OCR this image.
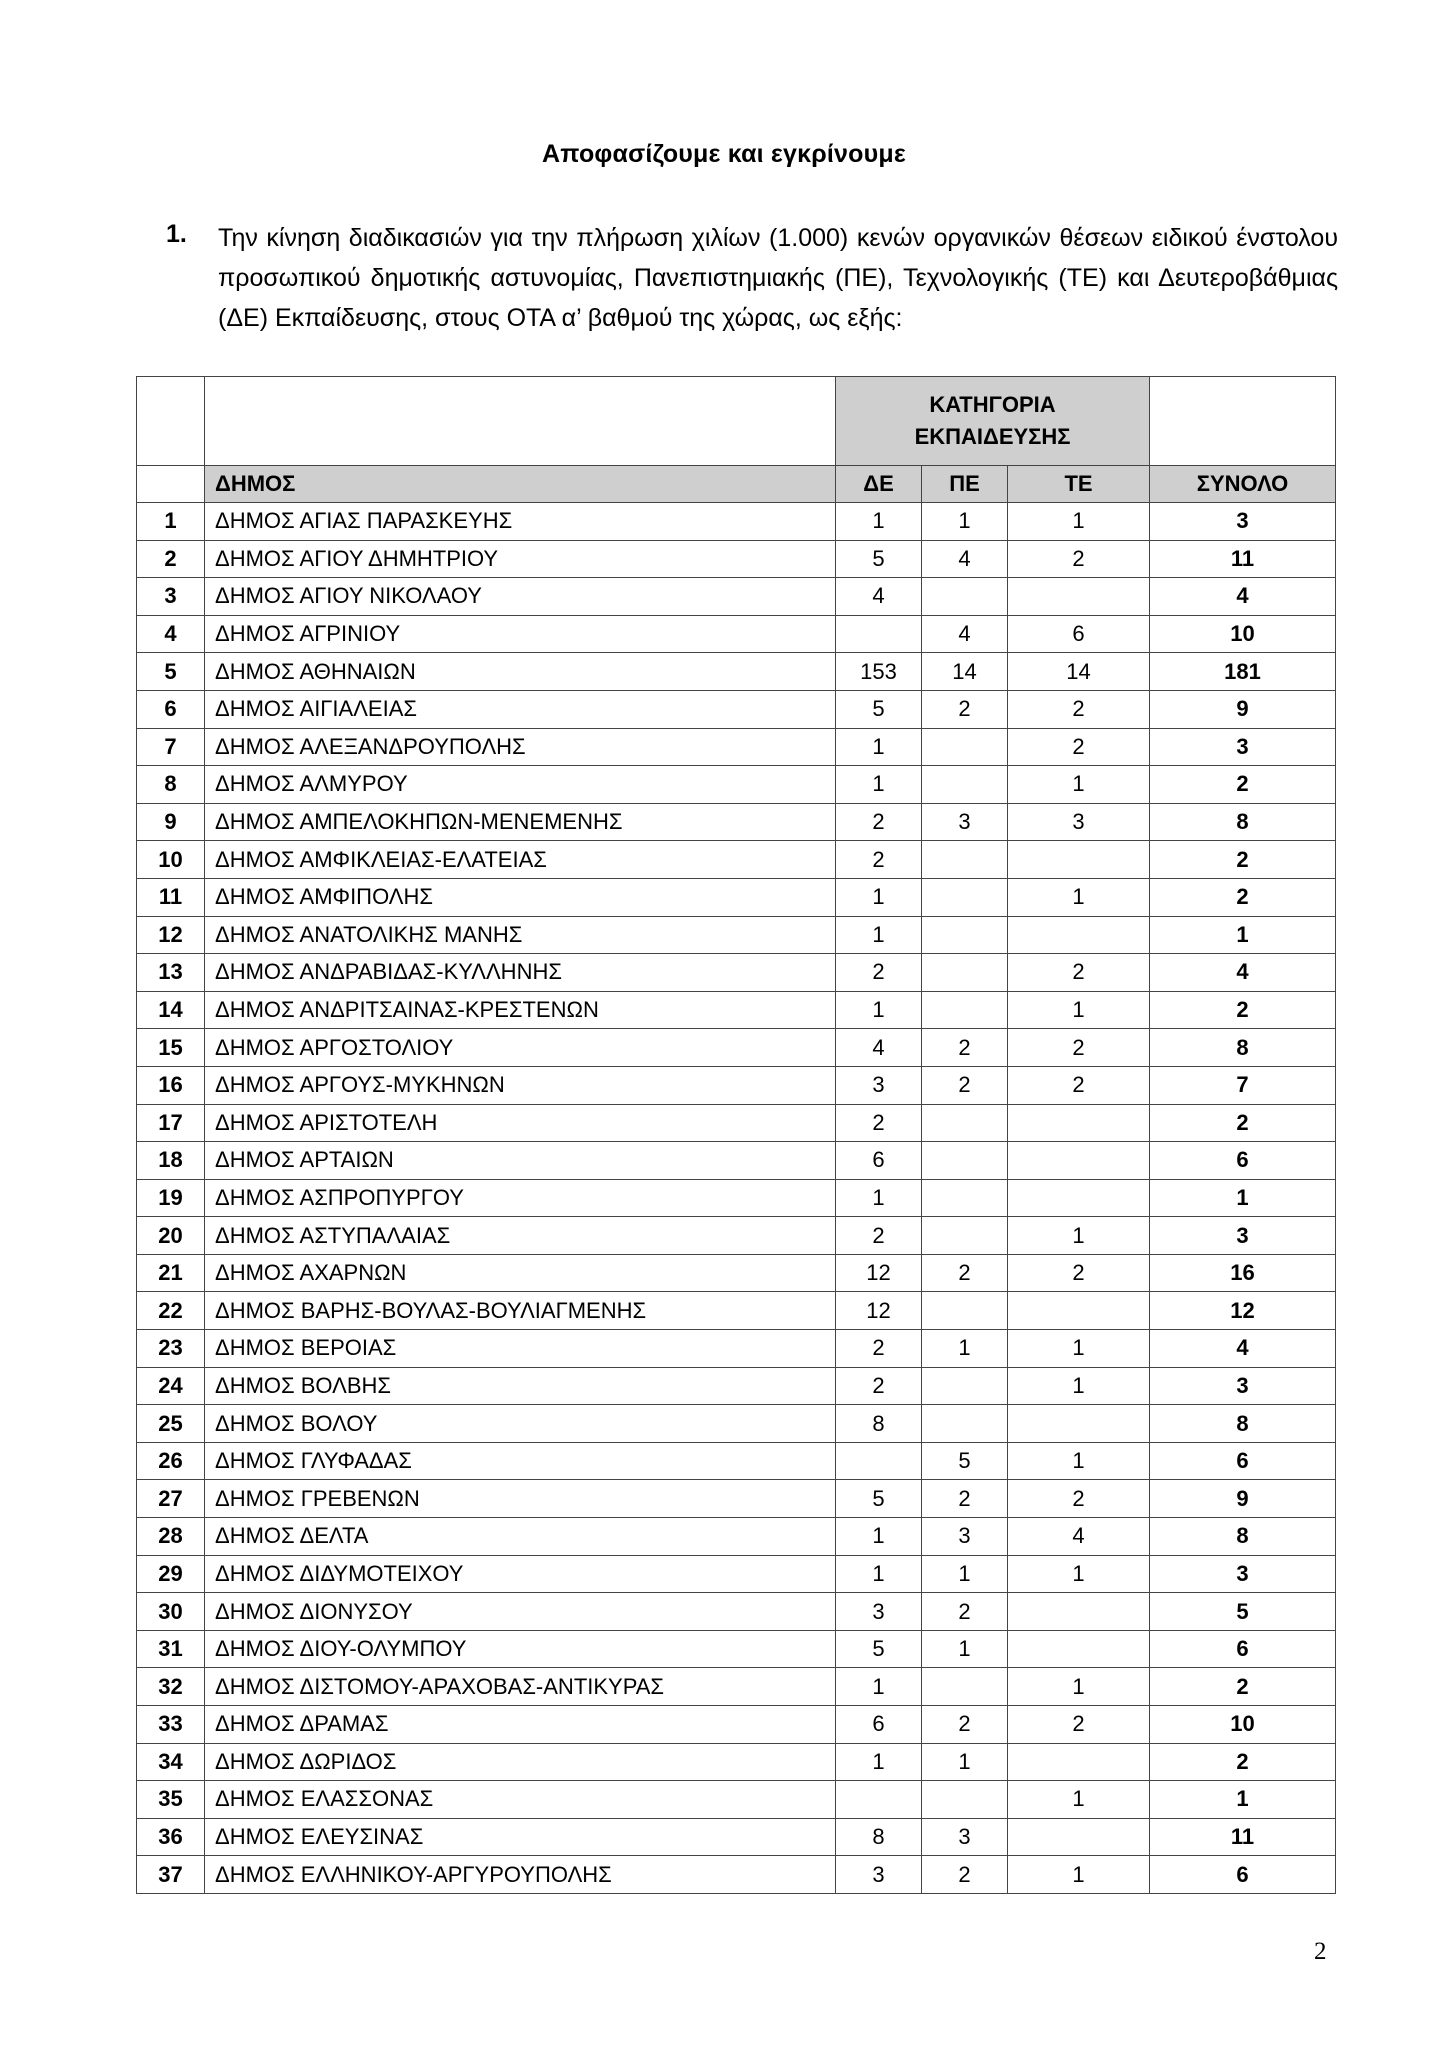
Αποφασίζουμε και εγκρίνουμε
1. Την κίνηση διαδικασιών για την πλήρωση χιλίων (1.000) κενών οργανικών θέσεων ειδικού ένστολου προσωπικού δημοτικής αστυνομίας, Πανεπιστημιακής (ΠΕ), Τεχνολογικής (ΤΕ) και Δευτεροβάθμιας (ΔΕ) Εκπαίδευσης, στους ΟΤΑ α’ βαθμού της χώρας, ως εξής:
		ΚΑΤΗΓΟΡΙΑ ΕΚΠΑΙΔΕΥΣΗΣ			
	ΔΗΜΟΣ	ΔΕ	ΠΕ	ΤΕ	ΣΥΝΟΛΟ
1	ΔΗΜΟΣ ΑΓΙΑΣ ΠΑΡΑΣΚΕΥΗΣ	1	1	1	3
2	ΔΗΜΟΣ ΑΓΙΟΥ ΔΗΜΗΤΡΙΟΥ	5	4	2	11
3	ΔΗΜΟΣ ΑΓΙΟΥ ΝΙΚΟΛΑΟΥ	4			4
4	ΔΗΜΟΣ ΑΓΡΙΝΙΟΥ		4	6	10
5	ΔΗΜΟΣ ΑΘΗΝΑΙΩΝ	153	14	14	181
6	ΔΗΜΟΣ ΑΙΓΙΑΛΕΙΑΣ	5	2	2	9
7	ΔΗΜΟΣ ΑΛΕΞΑΝΔΡΟΥΠΟΛΗΣ	1		2	3
8	ΔΗΜΟΣ ΑΛΜΥΡΟΥ	1		1	2
9	ΔΗΜΟΣ ΑΜΠΕΛΟΚΗΠΩΝ-ΜΕΝΕΜΕΝΗΣ	2	3	3	8
10	ΔΗΜΟΣ ΑΜΦΙΚΛΕΙΑΣ-ΕΛΑΤΕΙΑΣ	2			2
11	ΔΗΜΟΣ ΑΜΦΙΠΟΛΗΣ	1		1	2
12	ΔΗΜΟΣ ΑΝΑΤΟΛΙΚΗΣ ΜΑΝΗΣ	1			1
13	ΔΗΜΟΣ ΑΝΔΡΑΒΙΔΑΣ-ΚΥΛΛΗΝΗΣ	2		2	4
14	ΔΗΜΟΣ ΑΝΔΡΙΤΣΑΙΝΑΣ-ΚΡΕΣΤΕΝΩΝ	1		1	2
15	ΔΗΜΟΣ ΑΡΓΟΣΤΟΛΙΟΥ	4	2	2	8
16	ΔΗΜΟΣ ΑΡΓΟΥΣ-ΜΥΚΗΝΩΝ	3	2	2	7
17	ΔΗΜΟΣ ΑΡΙΣΤΟΤΕΛΗ	2			2
18	ΔΗΜΟΣ ΑΡΤΑΙΩΝ	6			6
19	ΔΗΜΟΣ ΑΣΠΡΟΠΥΡΓΟΥ	1			1
20	ΔΗΜΟΣ ΑΣΤΥΠΑΛΑΙΑΣ	2		1	3
21	ΔΗΜΟΣ ΑΧΑΡΝΩΝ	12	2	2	16
22	ΔΗΜΟΣ ΒΑΡΗΣ-ΒΟΥΛΑΣ-ΒΟΥΛΙΑΓΜΕΝΗΣ	12			12
23	ΔΗΜΟΣ ΒΕΡΟΙΑΣ	2	1	1	4
24	ΔΗΜΟΣ ΒΟΛΒΗΣ	2		1	3
25	ΔΗΜΟΣ ΒΟΛΟΥ	8			8
26	ΔΗΜΟΣ ΓΛΥΦΑΔΑΣ		5	1	6
27	ΔΗΜΟΣ ΓΡΕΒΕΝΩΝ	5	2	2	9
28	ΔΗΜΟΣ ΔΕΛΤΑ	1	3	4	8
29	ΔΗΜΟΣ ΔΙΔΥΜΟΤΕΙΧΟΥ	1	1	1	3
30	ΔΗΜΟΣ ΔΙΟΝΥΣΟΥ	3	2		5
31	ΔΗΜΟΣ ΔΙΟΥ-ΟΛΥΜΠΟΥ	5	1		6
32	ΔΗΜΟΣ ΔΙΣΤΟΜΟΥ-ΑΡΑΧΟΒΑΣ-ΑΝΤΙΚΥΡΑΣ	1		1	2
33	ΔΗΜΟΣ ΔΡΑΜΑΣ	6	2	2	10
34	ΔΗΜΟΣ ΔΩΡΙΔΟΣ	1	1		2
35	ΔΗΜΟΣ ΕΛΑΣΣΟΝΑΣ			1	1
36	ΔΗΜΟΣ ΕΛΕΥΣΙΝΑΣ	8	3		11
37	ΔΗΜΟΣ ΕΛΛΗΝΙΚΟΥ-ΑΡΓΥΡΟΥΠΟΛΗΣ	3	2	1	6
2
